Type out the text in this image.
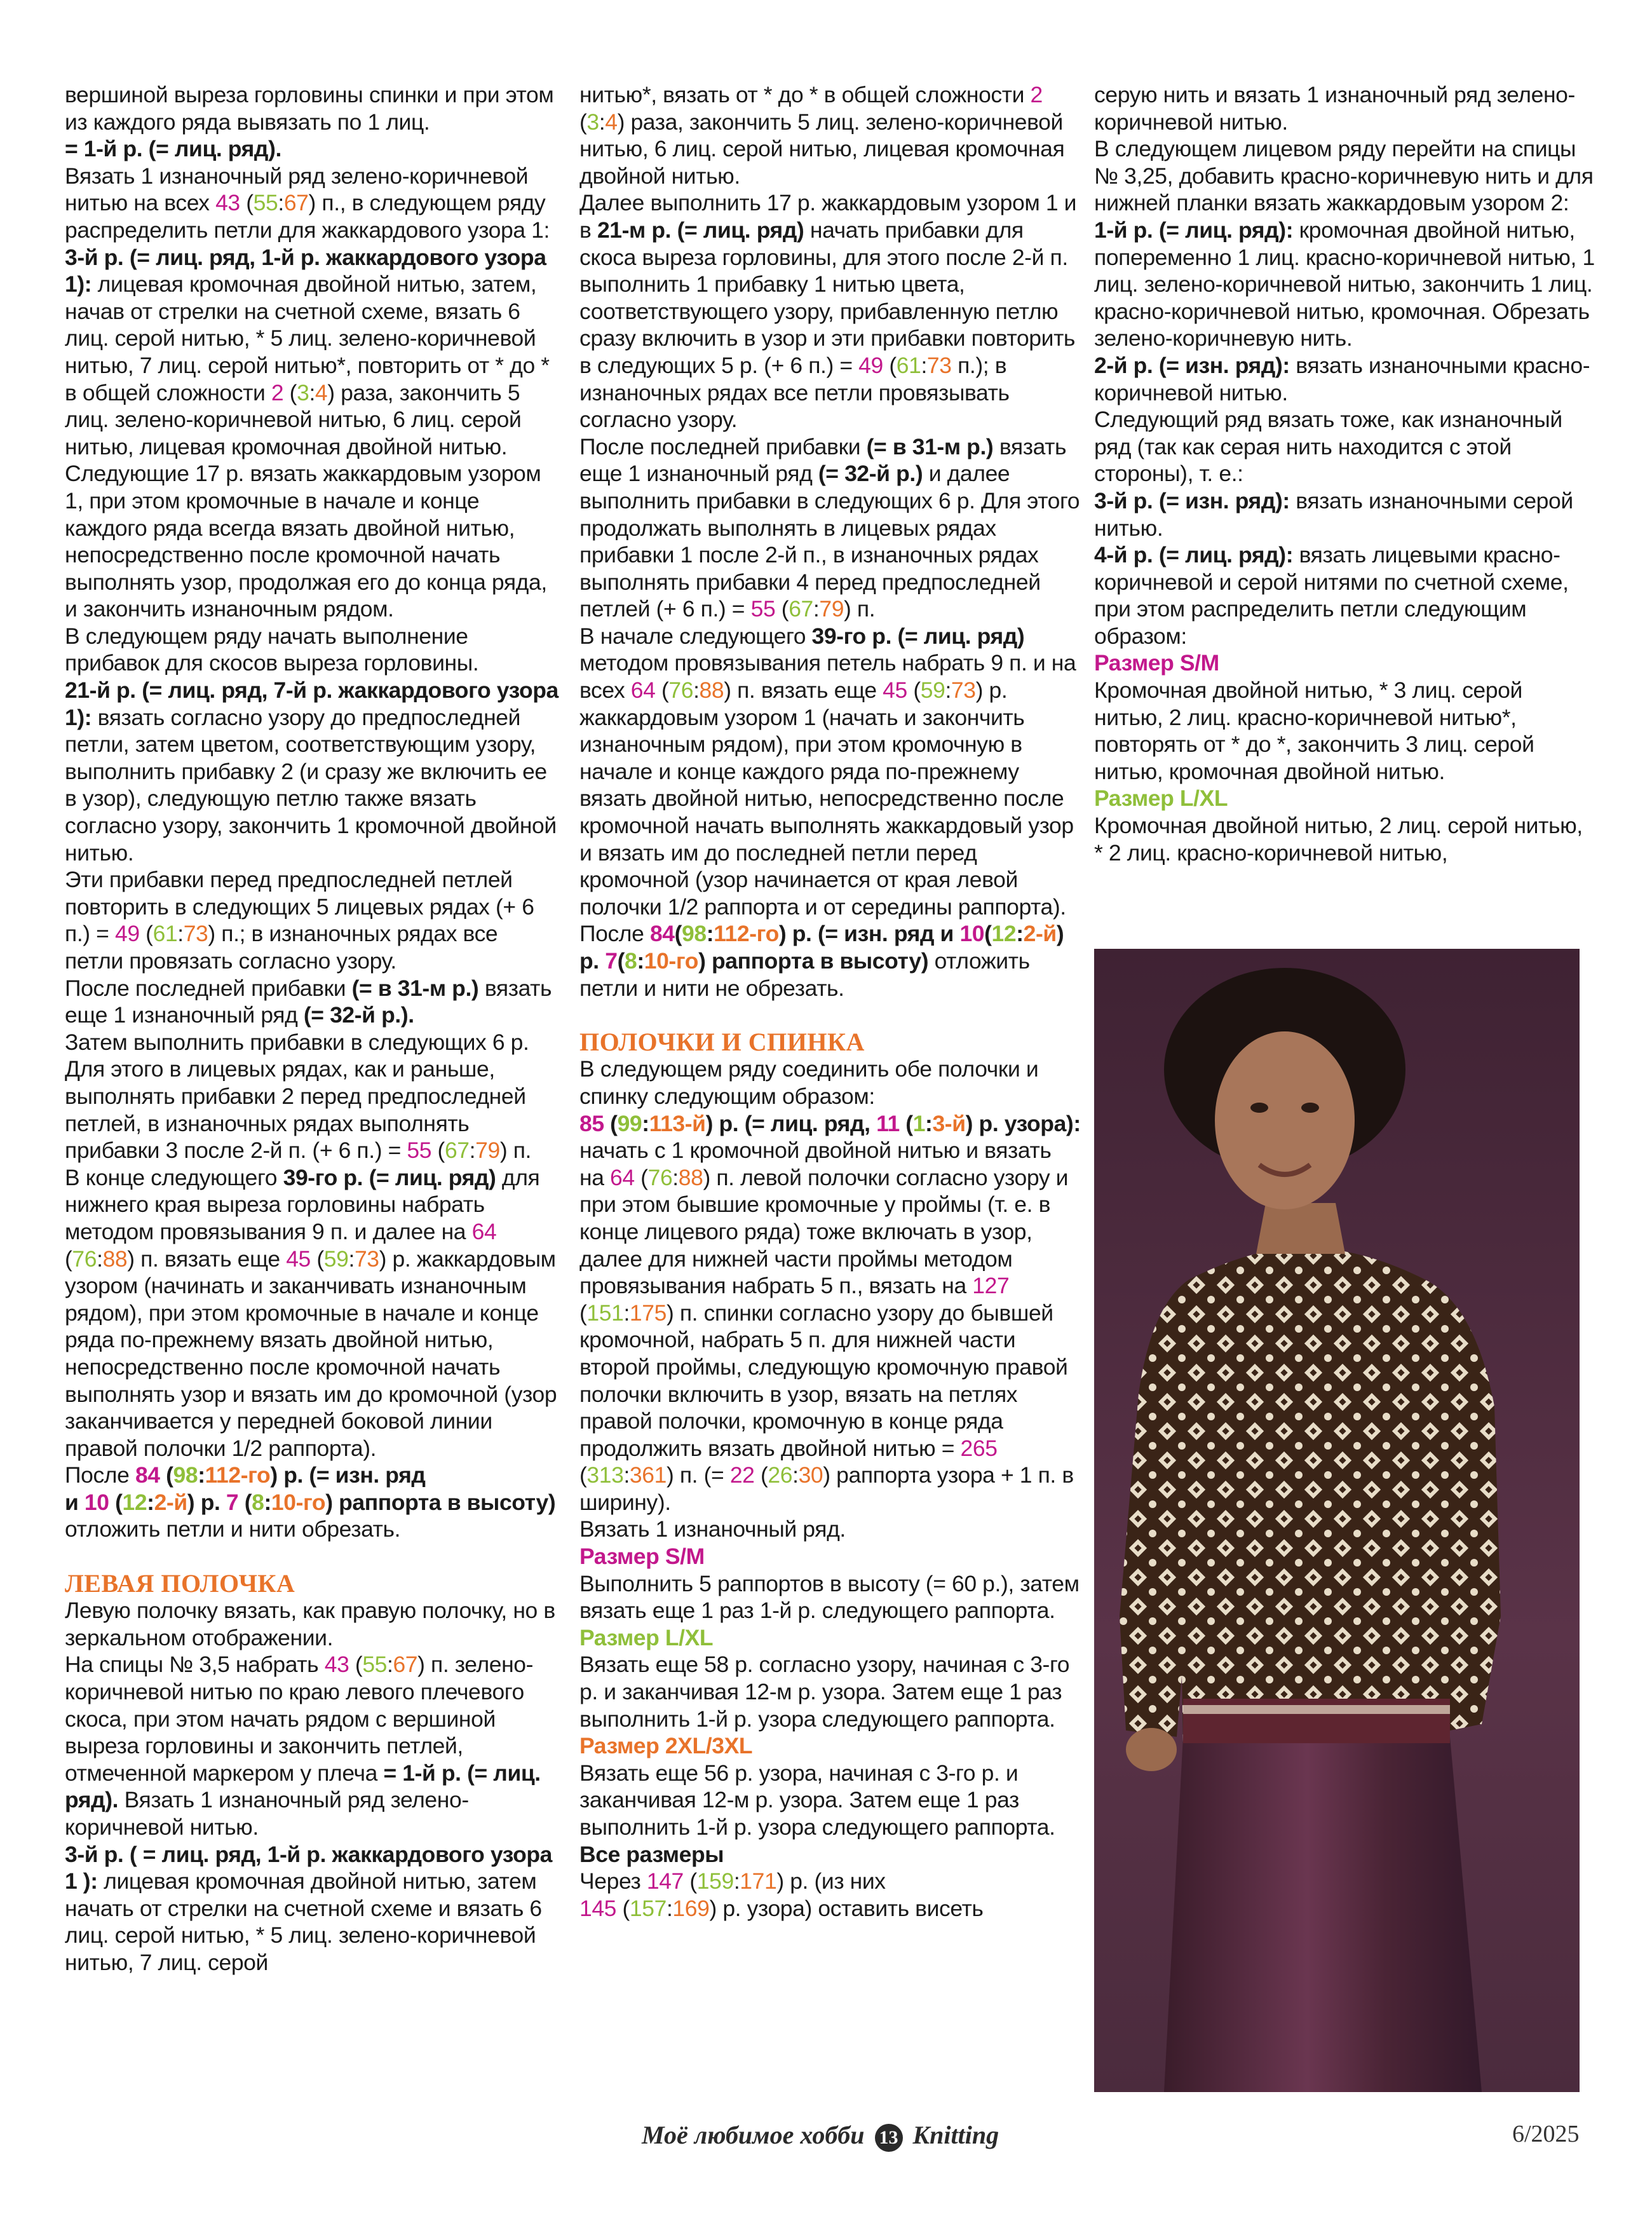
вершиной выреза горловины спинки и при этом из каждого ряда вывязать по 1 лиц.
= 1-й р. (= лиц. ряд).

Вязать 1 изнаночный ряд зелено-коричневой нитью на всех 43 (55:67) п., в следующем ряду распределить петли для жаккардового узора 1:

3-й р. (= лиц. ряд, 1-й р. жаккардового узора 1): лицевая кромочная двойной нитью, затем, начав от стрелки на счетной схеме, вязать 6 лиц. серой нитью, * 5 лиц. зелено-коричневой нитью, 7 лиц. серой нитью*, повторить от * до * в общей сложности 2 (3:4) раза, закончить 5 лиц. зелено-коричневой нитью, 6 лиц. серой нитью, лицевая кромочная двойной нитью.

Следующие 17 р. вязать жаккардовым узором 1, при этом кромочные в начале и конце каждого ряда всегда вязать двойной нитью, непосредственно после кромочной начать выполнять узор, продолжая его до конца ряда, и закончить изнаночным рядом.

В следующем ряду начать выполнение прибавок для скосов выреза горловины.

21-й р. (= лиц. ряд, 7-й р. жаккардового узора 1): вязать согласно узору до предпоследней петли, затем цветом, соответствующим узору, выполнить прибавку 2 (и сразу же включить ее в узор), следующую петлю также вязать согласно узору, закончить 1 кромочной двойной нитью.

Эти прибавки перед предпоследней петлей повторить в следующих 5 лицевых рядах (+ 6 п.) = 49 (61:73) п.; в изнаночных рядах все петли провязать согласно узору.

После последней прибавки (= в 31-м р.) вязать еще 1 изнаночный ряд (= 32-й р.).

Затем выполнить прибавки в следующих 6 р. Для этого в лицевых рядах, как и раньше, выполнять прибавки 2 перед предпоследней петлей, в изнаночных рядах выполнять прибавки 3 после 2-й п. (+ 6 п.) = 55 (67:79) п.

В конце следующего 39-го р. (= лиц. ряд) для нижнего края выреза горловины набрать методом провязывания 9 п. и далее на 64 (76:88) п. вязать еще 45 (59:73) р. жаккардовым узором (начинать и заканчивать изнаночным рядом), при этом кромочные в начале и конце ряда по-прежнему вязать двойной нитью, непосредственно после кромочной начать выполнять узор и вязать им до кромочной (узор заканчивается у передней боковой линии правой полочки 1/2 раппорта).

После 84 (98:112-го) р. (= изн. ряд
и 10 (12:2-й) р. 7 (8:10-го) раппорта в высоту) отложить петли и нити обрезать.

ЛЕВАЯ ПОЛОЧКА

Левую полочку вязать, как правую полочку, но в зеркальном отображении.

На спицы № 3,5 набрать 43 (55:67) п. зелено-коричневой нитью по краю левого плечевого скоса, при этом начать рядом с вершиной выреза горловины и закончить петлей, отмеченной маркером у плеча = 1-й р. (= лиц. ряд). Вязать 1 изнаночный ряд зелено-коричневой нитью.

3-й р. ( = лиц. ряд, 1-й р. жаккардового узора 1 ): лицевая кромочная двойной нитью, затем начать от стрелки на счетной схеме и вязать 6 лиц. серой нитью, * 5 лиц. зелено-коричневой нитью, 7 лиц. серой

нитью*, вязать от * до * в общей сложности 2 (3:4) раза, закончить 5 лиц. зелено-коричневой нитью, 6 лиц. серой нитью, лицевая кромочная двойной нитью.

Далее выполнить 17 р. жаккардовым узором 1 и в 21-м р. (= лиц. ряд) начать прибавки для скоса выреза горловины, для этого после 2-й п. выполнить 1 прибавку 1 нитью цвета, соответствующего узору, прибавленную петлю сразу включить в узор и эти прибавки повторить в следующих 5 р. (+ 6 п.) = 49 (61:73 п.); в изнаночных рядах все петли провязывать согласно узору.

После последней прибавки (= в 31-м р.) вязать еще 1 изнаночный ряд (= 32-й р.) и далее выполнить прибавки в следующих 6 р. Для этого продолжать выполнять в лицевых рядах прибавки 1 после 2-й п., в изнаночных рядах выполнять прибавки 4 перед предпоследней петлей (+ 6 п.) = 55 (67:79) п.

В начале следующего 39-го р. (= лиц. ряд) методом провязывания петель набрать 9 п. и на всех 64 (76:88) п. вязать еще 45 (59:73) р. жаккардовым узором 1 (начать и закончить изнаночным рядом), при этом кромочную в начале и конце каждого ряда по-прежнему вязать двойной нитью, непосредственно после кромочной начать выполнять жаккардовый узор и вязать им до последней петли перед кромочной (узор начинается от края левой полочки 1/2 раппорта и от середины раппорта).

После 84(98:112-го) р. (= изн. ряд и 10(12:2-й) р. 7(8:10-го) раппорта в высоту) отложить петли и нити не обрезать.

ПОЛОЧКИ И СПИНКА

В следующем ряду соединить обе полочки и спинку следующим образом:

85 (99:113-й) р. (= лиц. ряд, 11 (1:3-й) р. узора): начать с 1 кромочной двойной нитью и вязать на 64 (76:88) п. левой полочки согласно узору и при этом бывшие кромочные у проймы (т. е. в конце лицевого ряда) тоже включать в узор, далее для нижней части проймы методом провязывания набрать 5 п., вязать на 127 (151:175) п. спинки согласно узору до бывшей кромочной, набрать 5 п. для нижней части второй проймы, следующую кромочную правой полочки включить в узор, вязать на петлях правой полочки, кромочную в конце ряда продолжить вязать двойной нитью = 265 (313:361) п. (= 22 (26:30) раппорта узора + 1 п. в ширину).

Вязать 1 изнаночный ряд.

Размер S/M

Выполнить 5 раппортов в высоту (= 60 р.), затем вязать еще 1 раз 1-й р. следующего раппорта.

Размер L/XL

Вязать еще 58 р. согласно узору, начиная с 3-го р. и заканчивая 12-м р. узора. Затем еще 1 раз выполнить 1-й р. узора следующего раппорта.

Размер 2XL/3XL

Вязать еще 56 р. узора, начиная с 3-го р. и заканчивая 12-м р. узора. Затем еще 1 раз выполнить 1-й р. узора следующего раппорта.

Все размеры

Через 147 (159:171) р. (из них
145 (157:169) р. узора) оставить висеть

серую нить и вязать 1 изнаночный ряд зелено-коричневой нитью.

В следующем лицевом ряду перейти на спицы № 3,25, добавить красно-коричневую нить и для нижней планки вязать жаккардовым узором 2:

1-й р. (= лиц. ряд): кромочная двойной нитью, попеременно 1 лиц. красно-коричневой нитью, 1 лиц. зелено-коричневой нитью, закончить 1 лиц. красно-коричневой нитью, кромочная. Обрезать зелено-коричневую нить.

2-й р. (= изн. ряд): вязать изнаночными красно-коричневой нитью.

Следующий ряд вязать тоже, как изнаночный ряд (так как серая нить находится с этой стороны), т. е.:

3-й р. (= изн. ряд): вязать изнаночными серой нитью.

4-й р. (= лиц. ряд): вязать лицевыми красно-коричневой и серой нитями по счетной схеме, при этом распределить петли следующим образом:

Размер S/M

Кромочная двойной нитью, * 3 лиц. серой нитью, 2 лиц. красно-коричневой нитью*, повторять от * до *, закончить 3 лиц. серой нитью, кромочная двойной нитью.

Размер L/XL

Кромочная двойной нитью, 2 лиц. серой нитью, * 2 лиц. красно-коричневой нитью,

Моё любимое хобби 13 Knitting	6/2025
